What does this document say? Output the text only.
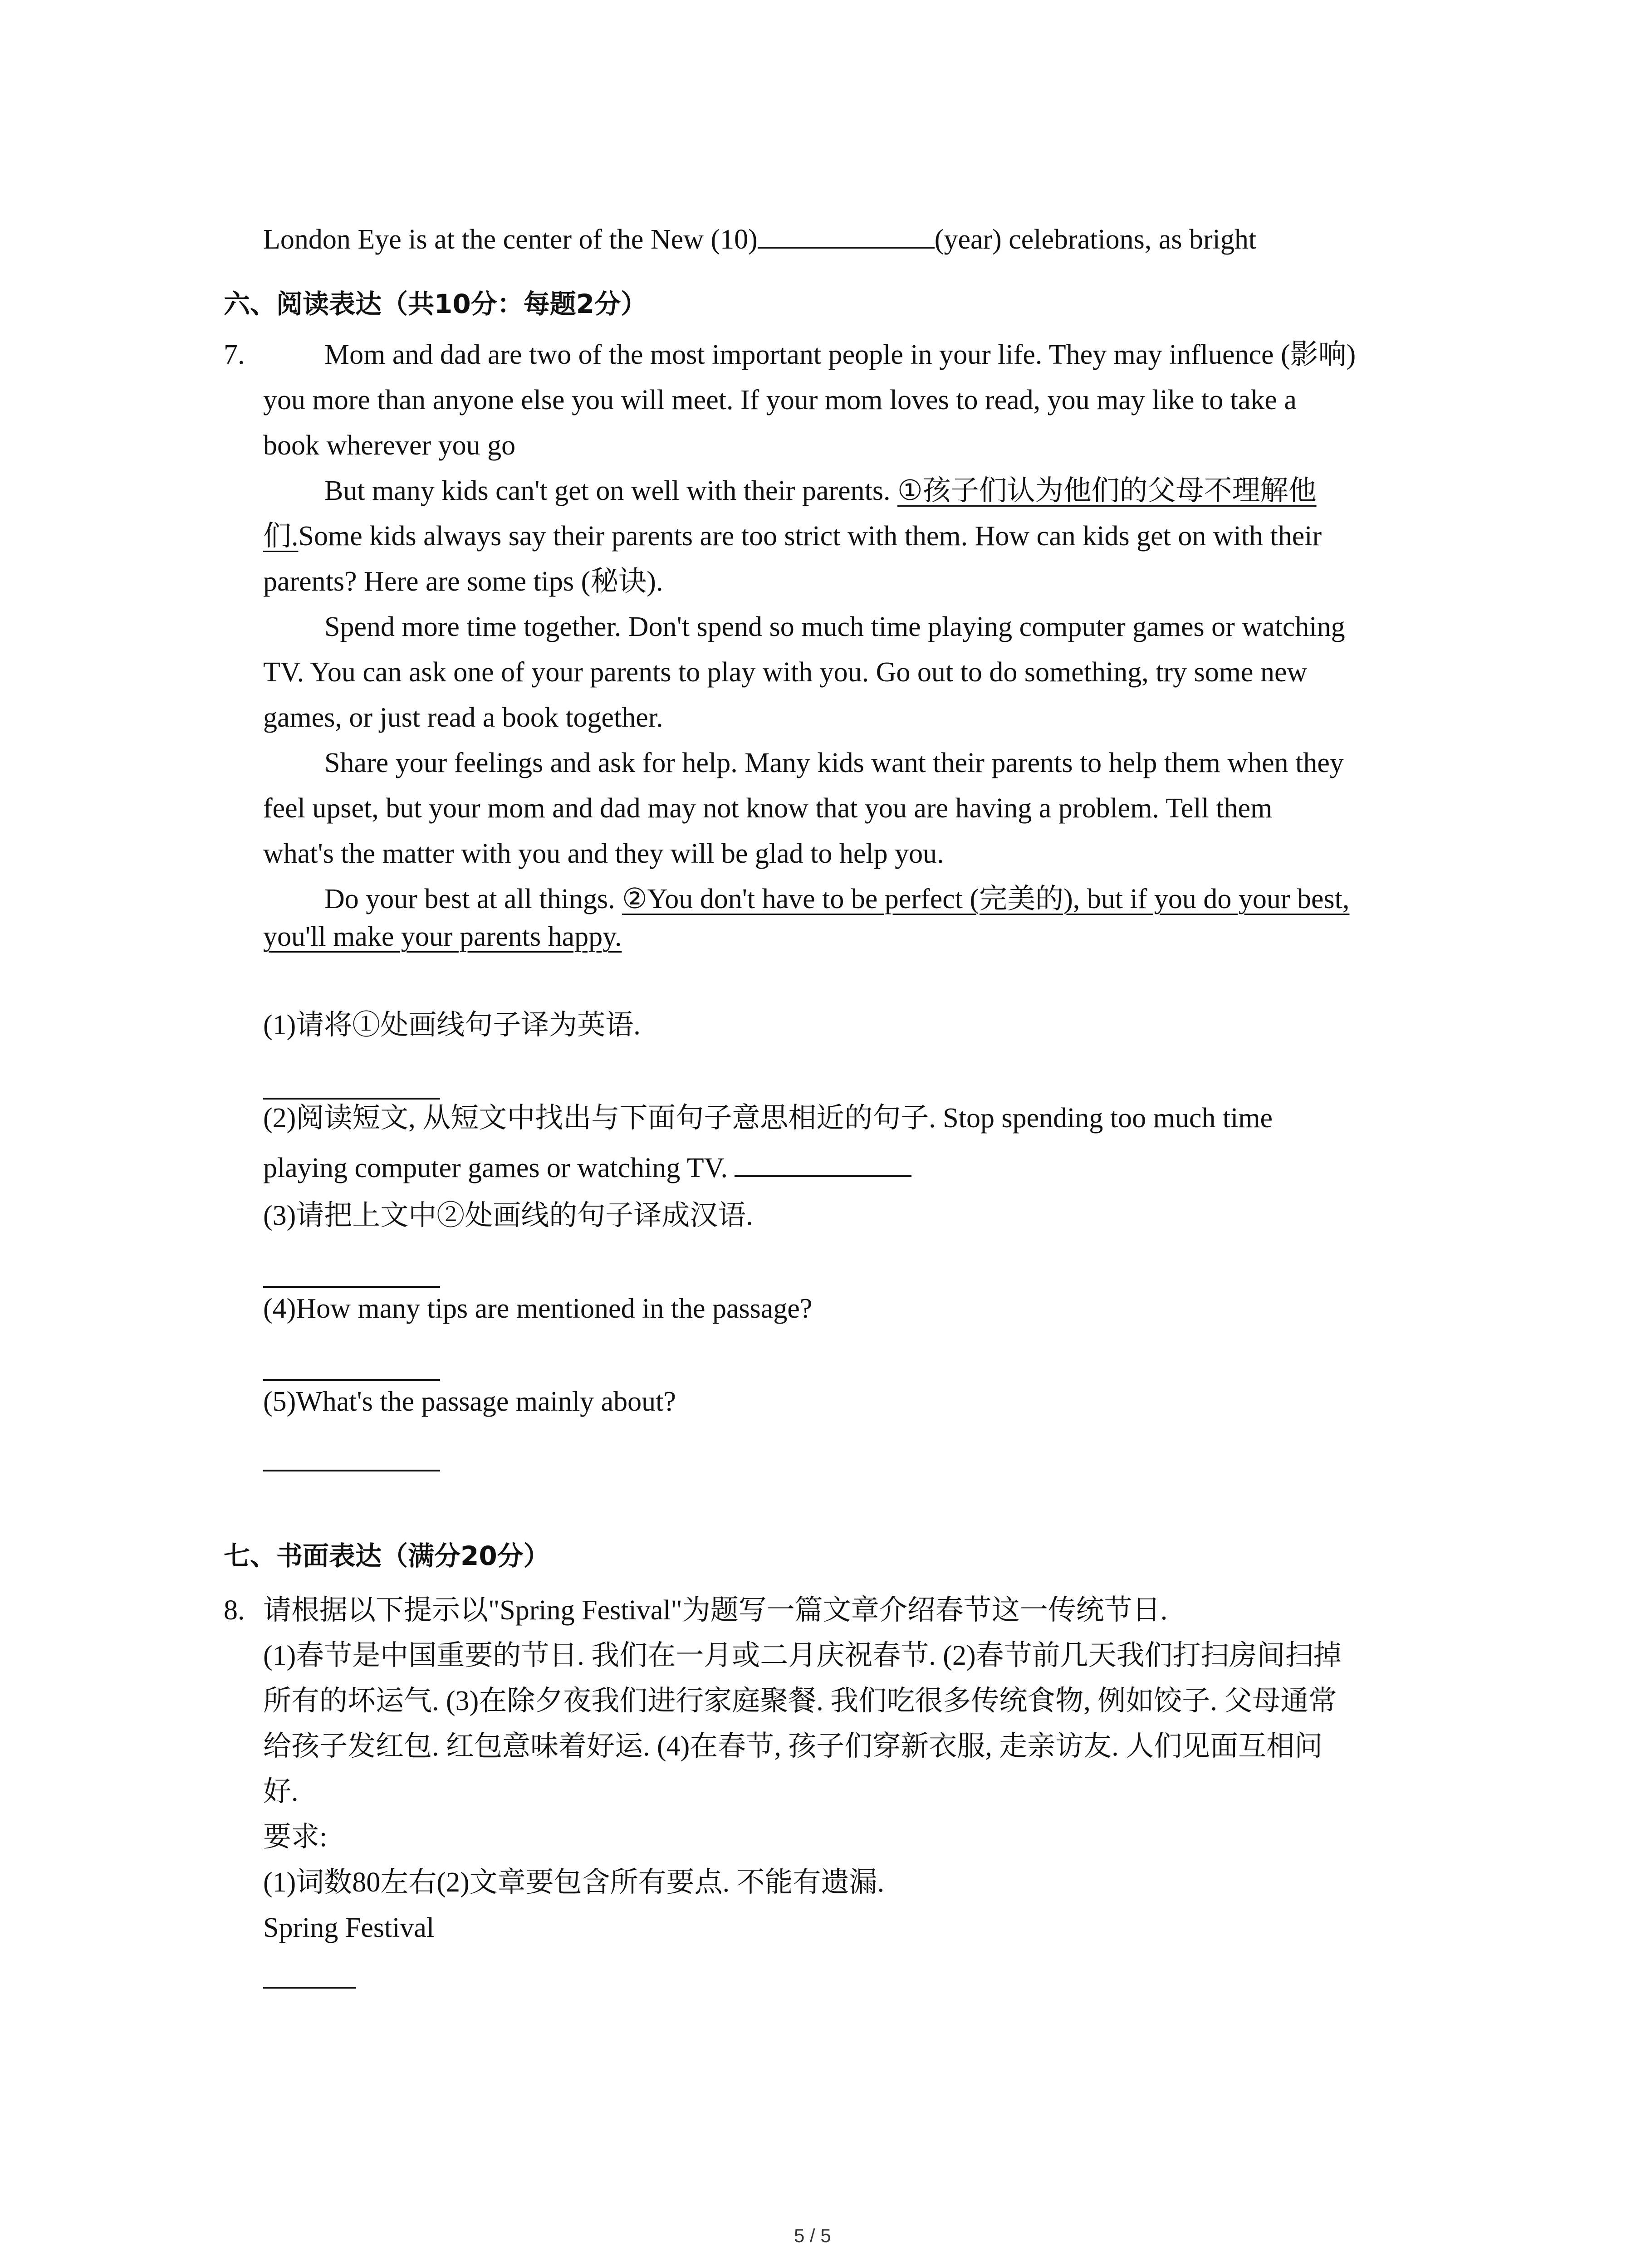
London Eye is at the center of the New (10)	(year) celebrations, as bright
六、阅读表达（共10分：每题2分）
7.	Mom and dad are two of the most important people in your life. They may influence (影响)
you more than anyone else you will meet. If your mom loves to read, you may like to take a
book wherever you go
But many kids can't get on well with their parents. ①孩子们认为他们的父母不理解他
们.Some kids always say their parents are too strict with them. How can kids get on with their
parents? Here are some tips (秘诀).
Spend more time together. Don't spend so much time playing computer games or watching
TV. You can ask one of your parents to play with you. Go out to do something, try some new
games, or just read a book together.
Share your feelings and ask for help. Many kids want their parents to help them when they
feel upset, but your mom and dad may not know that you are having a problem. Tell them
what's the matter with you and they will be glad to help you.
Do your best at all things. ②You don't have to be perfect (完美的), but if you do your best,
you'll make your parents happy.
(1)请将①处画线句子译为英语.
(2)阅读短文, 从短文中找出与下面句子意思相近的句子. Stop spending too much time
playing computer games or watching TV.
(3)请把上文中②处画线的句子译成汉语.
(4)How many tips are mentioned in the passage?
(5)What's the passage mainly about?
七、书面表达（满分20分）
8. 请根据以下提示以"Spring Festival"为题写一篇文章介绍春节这一传统节日.
(1)春节是中国重要的节日. 我们在一月或二月庆祝春节. (2)春节前几天我们打扫房间扫掉
所有的坏运气. (3)在除夕夜我们进行家庭聚餐. 我们吃很多传统食物, 例如饺子. 父母通常
给孩子发红包. 红包意味着好运. (4)在春节, 孩子们穿新衣服, 走亲访友. 人们见面互相问
好.
要求:
(1)词数80左右(2)文章要包含所有要点. 不能有遗漏.
Spring Festival
5 / 5
